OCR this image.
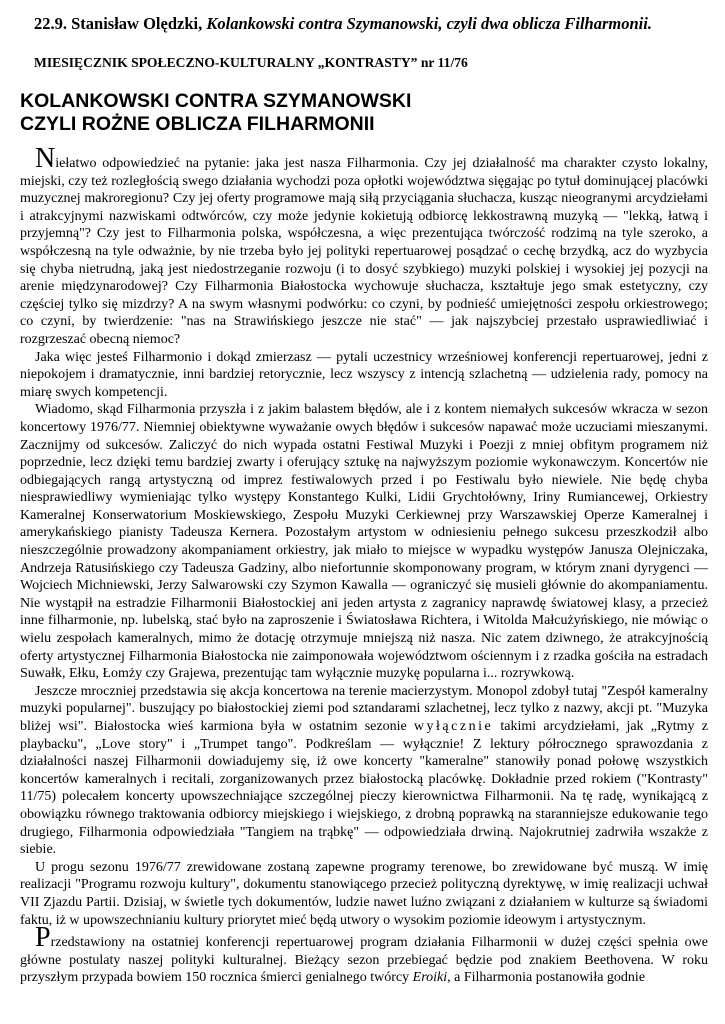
22.9. Stanisław Olędzki, Kolankowski contra Szymanowski, czyli dwa oblicza Filharmonii.
MIESIĘCZNIK SPOŁECZNO-KULTURALNY „KONTRASTY” nr 11/76
KOLANKOWSKI CONTRA SZYMANOWSKI
CZYLI ROŻNE OBLICZA FILHARMONII

Niełatwo odpowiedzieć na pytanie: jaka jest nasza Filharmonia. Czy jej działalność ma charakter czysto lokalny, miejski, czy też rozległością swego działania wychodzi poza opłotki województwa sięgając po tytuł dominującej placówki muzycznej makroregionu? Czy jej oferty programowe mają siłą przyciągania słuchacza, kusząc nieogranymi arcydziełami i atrakcyjnymi nazwiskami odtwórców, czy może jedynie kokietują odbiorcę lekkostrawną muzyką — "lekką, łatwą i przyjemną"? Czy jest to Filharmonia polska, współczesna, a więc prezentująca twórczość rodzimą na tyle szeroko, a współczesną na tyle odważnie, by nie trzeba było jej polityki repertuarowej posądzać o cechę brzydką, acz do wyzbycia się chyba nietrudną, jaką jest niedostrzeganie rozwoju (i to dosyć szybkiego) muzyki polskiej i wysokiej jej pozycji na arenie międzynarodowej? Czy Filharmonia Białostocka wychowuje słuchacza, kształtuje jego smak estetyczny, czy częściej tylko się mizdrzy? A na swym własnymi podwórku: co czyni, by podnieść umiejętności zespołu orkiestrowego; co czyni, by twierdzenie: "nas na Strawińskiego jeszcze nie stać" — jak najszybciej przestało usprawiedliwiać i rozgrzeszać obecną niemoc?

Jaka więc jesteś Filharmonio i dokąd zmierzasz — pytali uczestnicy wrześniowej konferencji repertuarowej, jedni z niepokojem i dramatycznie, inni bardziej retorycznie, lecz wszyscy z intencją szlachetną — udzielenia rady, pomocy na miarę swych kompetencji.

Wiadomo, skąd Filharmonia przyszła i z jakim balastem błędów, ale i z kontem niemałych sukcesów wkracza w sezon koncertowy 1976/77. Niemniej obiektywne wyważanie owych błędów i sukcesów napawać może uczuciami mieszanymi. Zacznijmy od sukcesów. Zaliczyć do nich wypada ostatni Festiwal Muzyki i Poezji z mniej obfitym programem niż poprzednie, lecz dzięki temu bardziej zwarty i oferujący sztukę na najwyższym poziomie wykonawczym. Koncertów nie odbiegających rangą artystyczną od imprez festiwalowych przed i po Festiwalu było niewiele. Nie będę chyba niesprawiedliwy wymieniając tylko występy Konstantego Kulki, Lidii Grychtołówny, Iriny Rumiancewej, Orkiestry Kameralnej Konserwatorium Moskiewskiego, Zespołu Muzyki Cerkiewnej przy Warszawskiej Operze Kameralnej i amerykańskiego pianisty Tadeusza Kernera. Pozostałym artystom w odniesieniu pełnego sukcesu przeszkodził albo nieszczególnie prowadzony akompaniament orkiestry, jak miało to miejsce w wypadku występów Janusza Olejniczaka, Andrzeja Ratusińskiego czy Tadeusza Gadziny, albo niefortunnie skomponowany program, w którym znani dyrygenci — Wojciech Michniewski, Jerzy Salwarowski czy Szymon Kawalla — ograniczyć się musieli głównie do akompaniamentu. Nie wystąpił na estradzie Filharmonii Białostockiej ani jeden artysta z zagranicy naprawdę światowej klasy, a przecież inne filharmonie, np. lubelską, stać było na zaproszenie i Światosława Richtera, i Witolda Małcużyńskiego, nie mówiąc o wielu zespołach kameralnych, mimo że dotację otrzymuje mniejszą niż nasza. Nic zatem dziwnego, że atrakcyjnością oferty artystycznej Filharmonia Białostocka nie zaimponowała województwom ościennym i z rzadka gościła na estradach Suwałk, Ełku, Łomży czy Grajewa, prezentując tam wyłącznie muzykę popularna i... rozrywkową.

Jeszcze mroczniej przedstawia się akcja koncertowa na terenie macierzystym. Monopol zdobył tutaj "Zespół kameralny muzyki popularnej". buszujący po białostockiej ziemi pod sztandarami szlachetnej, lecz tylko z nazwy, akcji pt. "Muzyka bliżej wsi". Białostocka wieś karmiona była w ostatnim sezonie wyłącznie takimi arcydziełami, jak „Rytmy z playbacku", „Love story" i „Trumpet tango". Podkreślam — wyłącznie! Z lektury półrocznego sprawozdania z działalności naszej Filharmonii dowiadujemy się, iż owe koncerty "kameralne" stanowiły ponad połowę wszystkich koncertów kameralnych i recitali, zorganizowanych przez białostocką placówkę. Dokładnie przed rokiem ("Kontrasty" 11/75) polecałem koncerty upowszechniające szczególnej pieczy kierownictwa Filharmonii. Na tę radę, wynikającą z obowiązku równego traktowania odbiorcy miejskiego i wiejskiego, z drobną poprawką na staranniejsze edukowanie tego drugiego, Filharmonia odpowiedziała "Tangiem na trąbkę" — odpowiedziała drwiną. Najokrutniej zadrwiła wszakże z siebie.

U progu sezonu 1976/77 zrewidowane zostaną zapewne programy terenowe, bo zrewidowane być muszą. W imię realizacji "Programu rozwoju kultury", dokumentu stanowiącego przecież polityczną dyrektywę, w imię realizacji uchwał VII Zjazdu Partii. Dzisiaj, w świetle tych dokumentów, ludzie nawet luźno związani z działaniem w kulturze są świadomi faktu, iż w upowszechnianiu kultury priorytet mieć będą utwory o wysokim poziomie ideowym i artystycznym.

Przedstawiony na ostatniej konferencji repertuarowej program działania Filharmonii w dużej części spełnia owe główne postulaty naszej polityki kulturalnej. Bieżący sezon przebiegać będzie pod znakiem Beethovena. W roku przyszłym przypada bowiem 150 rocznica śmierci genialnego twórcy Eroiki, a Filharmonia postanowiła godnie
